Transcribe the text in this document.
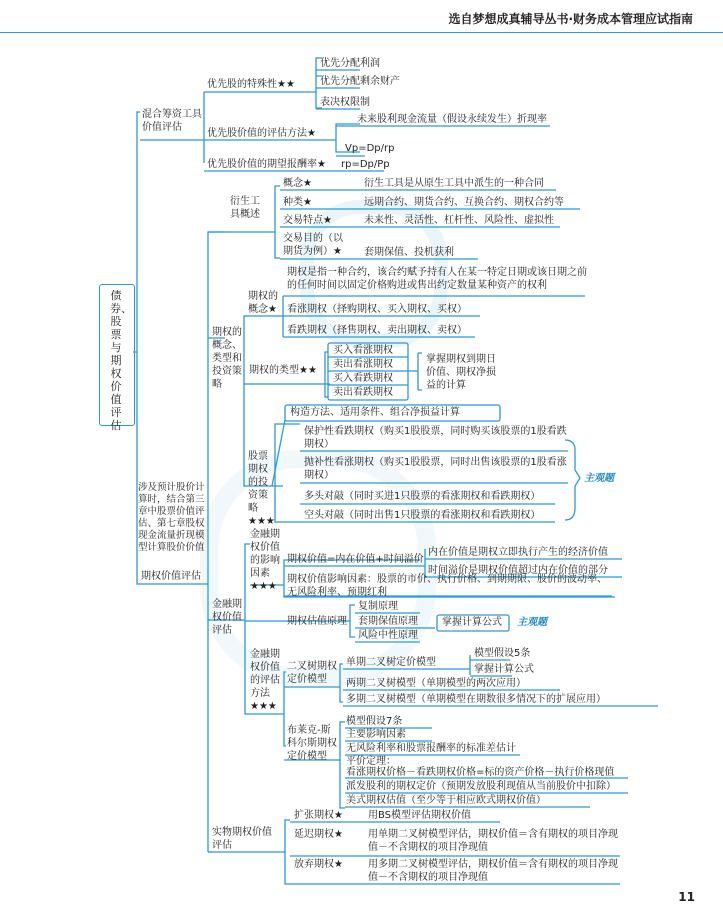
选自梦想成真辅导丛书·财务成本管理应试指南
债券、股票与期权价值评估
混合筹资工具价值评估
优先股的特殊性★★
优先分配利润
优先分配剩余财产
表决权限制
优先股价值的评估方法★
未来股利现金流量（假设永续发生）折现率
Vp=Dp/rp
优先股价值的期望报酬率★ rp=Dp/Pp
涉及预计股价计算时，结合第三章中股票价值评估、第七章股权现金流量折现模型计算股价价值
期权价值评估
衍生工具概述
概念★	衍生工具是从原生工具中派生的一种合同
种类★	远期合约、期货合约、互换合约、期权合约等
交易特点★	未来性、灵活性、杠杆性、风险性、虚拟性
交易目的（以期货为例）★	套期保值、投机获利
期权的概念、类型和投资策略
期权的概念★
期权是指一种合约，该合约赋予持有人在某一特定日期或该日期之前的任何时间以固定价格购进或售出约定数量某种资产的权利
看涨期权（择购期权、买入期权、买权）
看跌期权（择售期权、卖出期权、卖权）
期权的类型★★
买入看涨期权
卖出看涨期权
买入看跌期权
卖出看跌期权
掌握期权到期日价值、期权净损益的计算
股票期权的投资策略★★★
构造方法、适用条件、组合净损益计算
保护性看跌期权（购买1股股票，同时购买该股票的1股看跌期权）
抛补性看涨期权（购买1股股票，同时出售该股票的1股看涨期权）
多头对敲（同时买进1只股票的看涨期权和看跌期权）
空头对敲（同时出售1只股票的看涨期权和看跌期权）
主观题
金融期权价值评估
金融期权价值的影响因素★★★
期权价值=内在价值+时间溢价
内在价值是期权立即执行产生的经济价值
时间溢价是期权价值超过内在价值的部分
期权价值影响因素：股票的市价、执行价格、到期期限、股价的波动率、无风险利率、预期红利
期权估值原理
复制原理
套期保值原理
风险中性原理
掌握计算公式 主观题
金融期权价值的评估方法★★★
二叉树期权定价模型
单期二叉树定价模型
模型假设5条
掌握计算公式
两期二叉树模型（单期模型的两次应用）
多期二叉树模型（单期模型在期数很多情况下的扩展应用）
布莱克-斯科尔斯期权定价模型
模型假设7条
主要影响因素
无风险利率和股票报酬率的标准差估计
平价定理：
看涨期权价格－看跌期权价格=标的资产价格－执行价格现值
派发股利的期权定价（预期发放股利现值从当前股价中扣除）
美式期权估值（至少等于相应欧式期权价值）
实物期权价值评估
扩张期权★	用BS模型评估期权价值
延迟期权★	用单期二叉树模型评估，期权价值＝含有期权的项目净现值－不含期权的项目净现值
放弃期权★	用多期二叉树模型评估，期权价值＝含有期权的项目净现值－不含期权的项目净现值
11
